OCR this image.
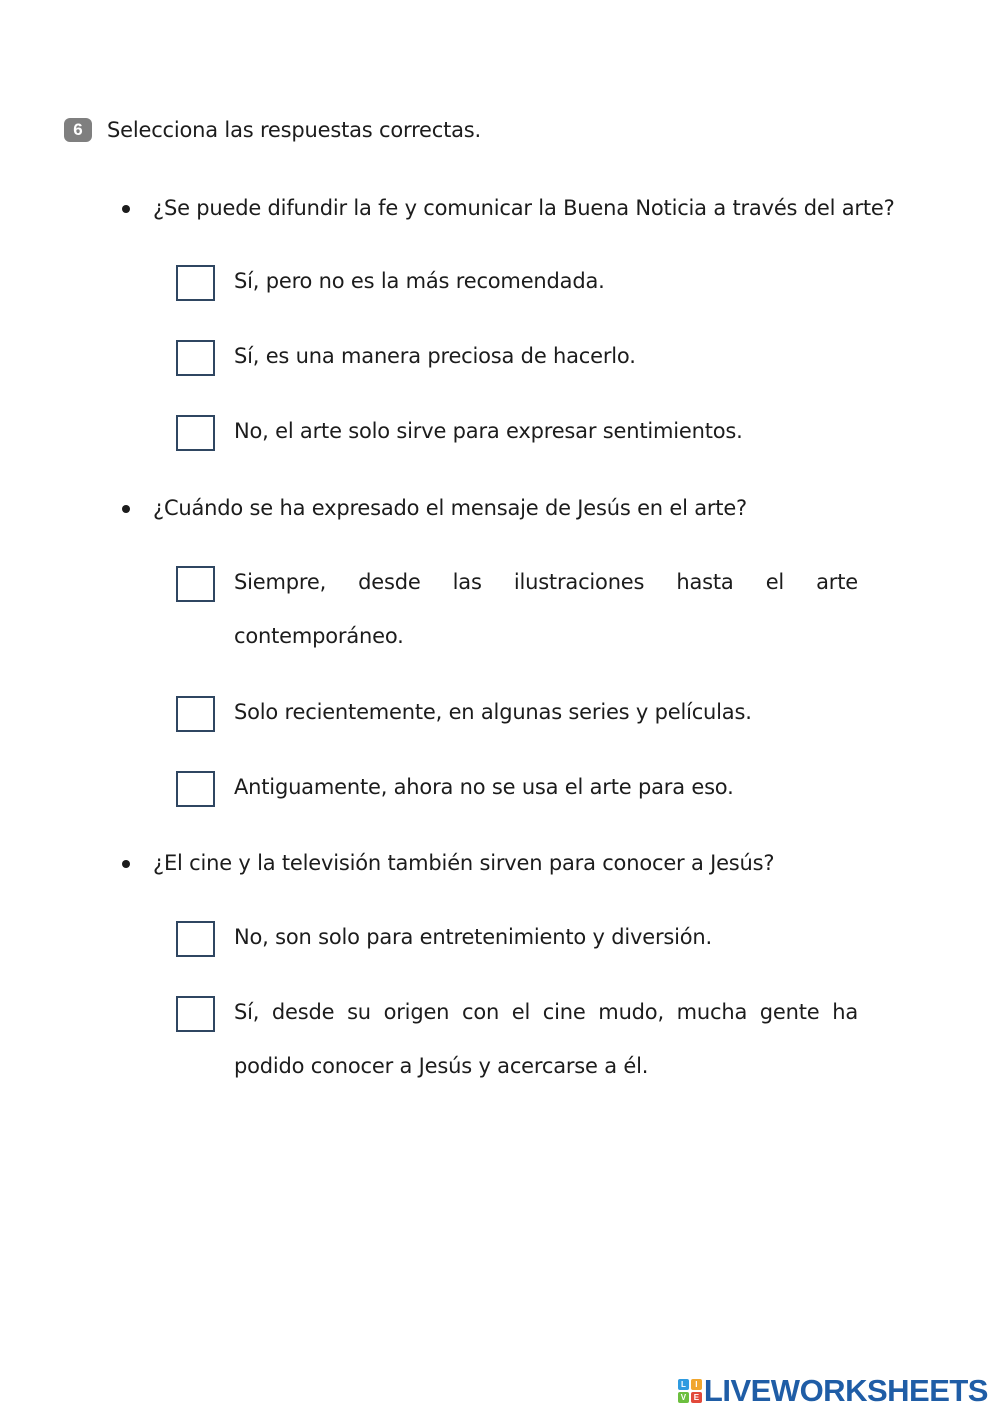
6	Selecciona las respuestas correctas.
¿Se puede difundir la fe y comunicar la Buena Noticia a través del arte?
Sí, pero no es la más recomendada.
Sí, es una manera preciosa de hacerlo.
No, el arte solo sirve para expresar sentimientos.
¿Cuándo se ha expresado el mensaje de Jesús en el arte?
Siempre, desde las ilustraciones hasta el arte contemporáneo.
Solo recientemente, en algunas series y películas.
Antiguamente, ahora no se usa el arte para eso.
¿El cine y la televisión también sirven para conocer a Jesús?
No, son solo para entretenimiento y diversión.
Sí, desde su origen con el cine mudo, mucha gente ha podido conocer a Jesús y acercarse a él.
L	I
V E LIVEWORKSHEETS
